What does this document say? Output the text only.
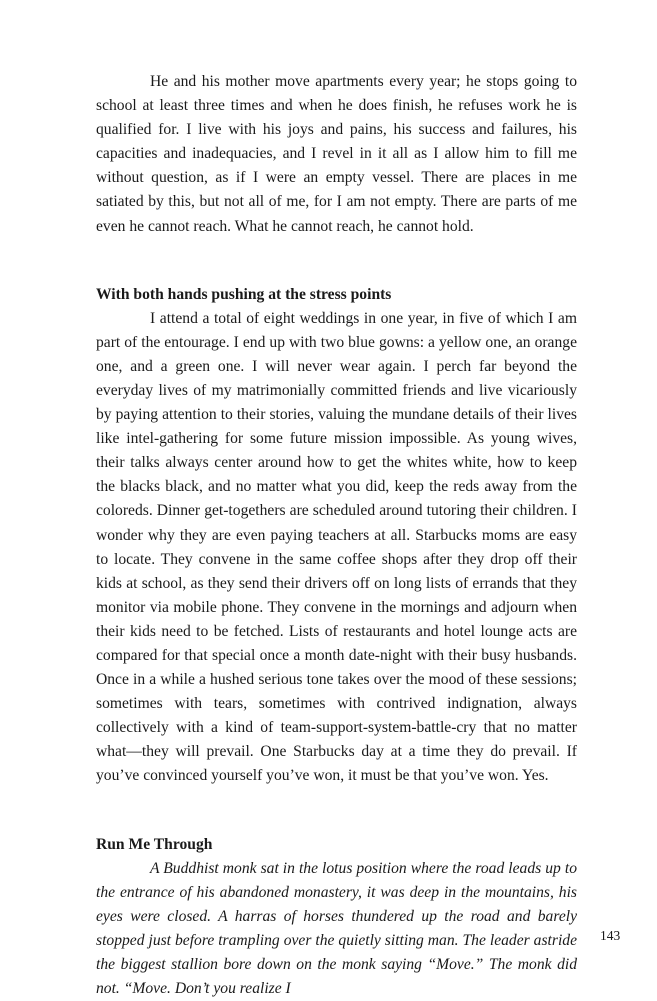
He and his mother move apartments every year; he stops going to school at least three times and when he does finish, he refuses work he is qualified for. I live with his joys and pains, his success and failures, his capacities and inadequacies, and I revel in it all as I allow him to fill me without question, as if I were an empty vessel. There are places in me satiated by this, but not all of me, for I am not empty. There are parts of me even he cannot reach. What he cannot reach, he cannot hold.

With both hands pushing at the stress points

I attend a total of eight weddings in one year, in five of which I am part of the entourage. I end up with two blue gowns: a yellow one, an orange one, and a green one. I will never wear again. I perch far beyond the everyday lives of my matrimonially committed friends and live vicariously by paying attention to their stories, valuing the mundane details of their lives like intel-gathering for some future mission impossible. As young wives, their talks always center around how to get the whites white, how to keep the blacks black, and no matter what you did, keep the reds away from the coloreds. Dinner get-togethers are scheduled around tutoring their children. I wonder why they are even paying teachers at all. Starbucks moms are easy to locate. They convene in the same coffee shops after they drop off their kids at school, as they send their drivers off on long lists of errands that they monitor via mobile phone. They convene in the mornings and adjourn when their kids need to be fetched. Lists of restaurants and hotel lounge acts are compared for that special once a month date-night with their busy husbands. Once in a while a hushed serious tone takes over the mood of these sessions; sometimes with tears, sometimes with contrived indignation, always collectively with a kind of team-support-system-battle-cry that no matter what—they will prevail. One Starbucks day at a time they do prevail. If you’ve convinced yourself you’ve won, it must be that you’ve won. Yes.

Run Me Through

A Buddhist monk sat in the lotus position where the road leads up to the entrance of his abandoned monastery, it was deep in the mountains, his eyes were closed. A harras of horses thundered up the road and barely stopped just before trampling over the quietly sitting man. The leader astride the biggest stallion bore down on the monk saying “Move.” The monk did not. “Move. Don’t you realize I

143
